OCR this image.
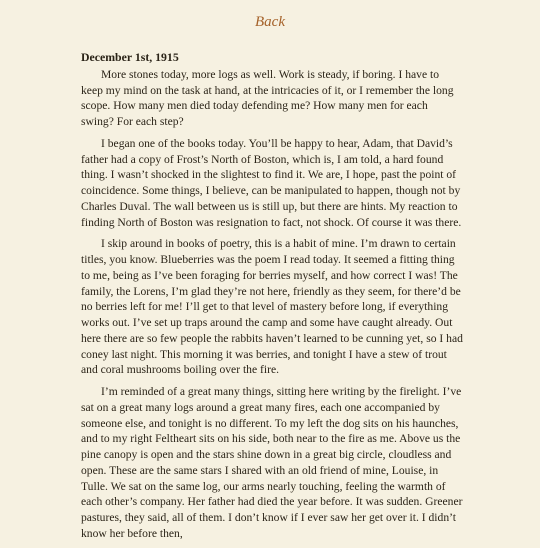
Back
December 1st, 1915

More stones today, more logs as well. Work is steady, if boring. I have to keep my mind on the task at hand, at the intricacies of it, or I remember the long scope. How many men died today defending me? How many men for each swing? For each step?

I began one of the books today. You’ll be happy to hear, Adam, that David’s father had a copy of Frost’s North of Boston, which is, I am told, a hard found thing. I wasn’t shocked in the slightest to find it. We are, I hope, past the point of coincidence. Some things, I believe, can be manipulated to happen, though not by Charles Duval. The wall between us is still up, but there are hints. My reaction to finding North of Boston was resignation to fact, not shock. Of course it was there.

I skip around in books of poetry, this is a habit of mine. I’m drawn to certain titles, you know. Blueberries was the poem I read today. It seemed a fitting thing to me, being as I’ve been foraging for berries myself, and how correct I was! The family, the Lorens, I’m glad they’re not here, friendly as they seem, for there’d be no berries left for me! I’ll get to that level of mastery before long, if everything works out. I’ve set up traps around the camp and some have caught already. Out here there are so few people the rabbits haven’t learned to be cunning yet, so I had coney last night. This morning it was berries, and tonight I have a stew of trout and coral mushrooms boiling over the fire.

I’m reminded of a great many things, sitting here writing by the firelight. I’ve sat on a great many logs around a great many fires, each one accompanied by someone else, and tonight is no different. To my left the dog sits on his haunches, and to my right Feltheart sits on his side, both near to the fire as me. Above us the pine canopy is open and the stars shine down in a great big circle, cloudless and open. These are the same stars I shared with an old friend of mine, Louise, in Tulle. We sat on the same log, our arms nearly touching, feeling the warmth of each other’s company. Her father had died the year before. It was sudden. Greener pastures, they said, all of them. I don’t know if I ever saw her get over it. I didn’t know her before then,
